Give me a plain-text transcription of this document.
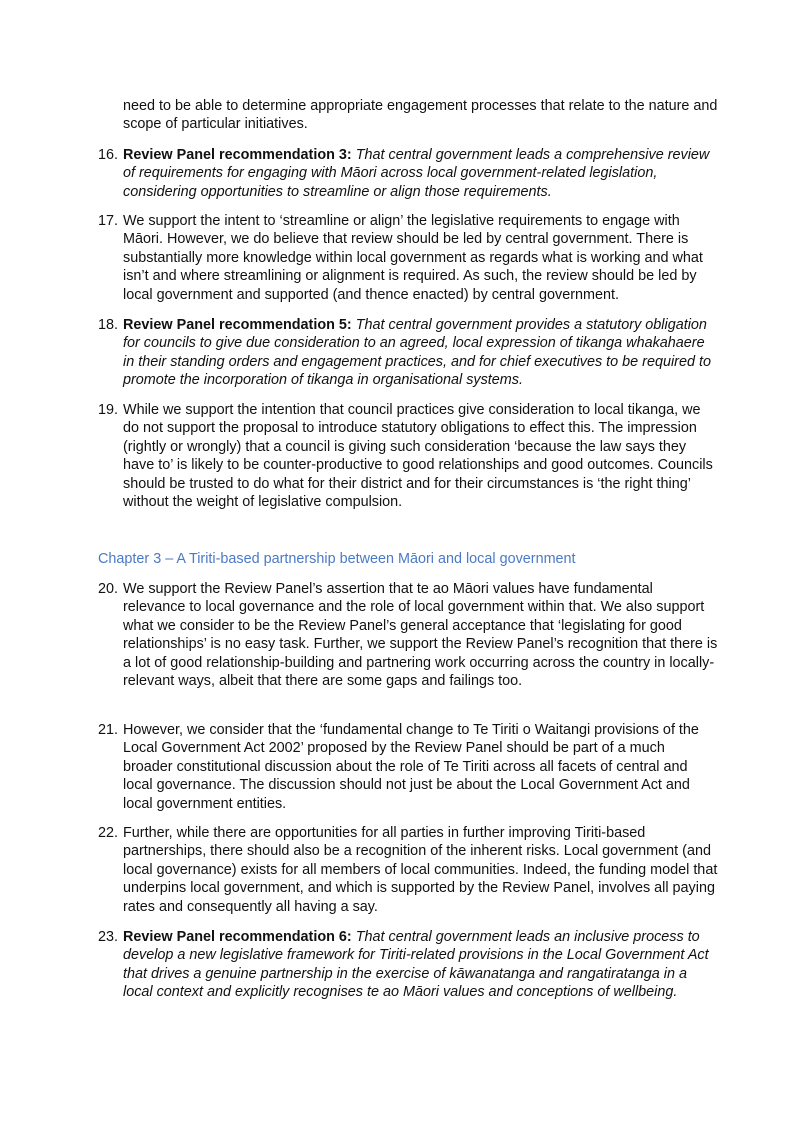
need to be able to determine appropriate engagement processes that relate to the nature and scope of particular initiatives.
16. Review Panel recommendation 3: That central government leads a comprehensive review of requirements for engaging with Māori across local government-related legislation, considering opportunities to streamline or align those requirements.
17. We support the intent to ‘streamline or align’ the legislative requirements to engage with Māori. However, we do believe that review should be led by central government. There is substantially more knowledge within local government as regards what is working and what isn’t and where streamlining or alignment is required. As such, the review should be led by local government and supported (and thence enacted) by central government.
18. Review Panel recommendation 5: That central government provides a statutory obligation for councils to give due consideration to an agreed, local expression of tikanga whakahaere in their standing orders and engagement practices, and for chief executives to be required to promote the incorporation of tikanga in organisational systems.
19. While we support the intention that council practices give consideration to local tikanga, we do not support the proposal to introduce statutory obligations to effect this. The impression (rightly or wrongly) that a council is giving such consideration ‘because the law says they have to’ is likely to be counter-productive to good relationships and good outcomes. Councils should be trusted to do what for their district and for their circumstances is ‘the right thing’ without the weight of legislative compulsion.
Chapter 3 – A Tiriti-based partnership between Māori and local government
20. We support the Review Panel’s assertion that te ao Māori values have fundamental relevance to local governance and the role of local government within that. We also support what we consider to be the Review Panel’s general acceptance that ‘legislating for good relationships’ is no easy task. Further, we support the Review Panel’s recognition that there is a lot of good relationship-building and partnering work occurring across the country in locally-relevant ways, albeit that there are some gaps and failings too.
21. However, we consider that the ‘fundamental change to Te Tiriti o Waitangi provisions of the Local Government Act 2002’ proposed by the Review Panel should be part of a much broader constitutional discussion about the role of Te Tiriti across all facets of central and local governance. The discussion should not just be about the Local Government Act and local government entities.
22. Further, while there are opportunities for all parties in further improving Tiriti-based partnerships, there should also be a recognition of the inherent risks. Local government (and local governance) exists for all members of local communities. Indeed, the funding model that underpins local government, and which is supported by the Review Panel, involves all paying rates and consequently all having a say.
23. Review Panel recommendation 6: That central government leads an inclusive process to develop a new legislative framework for Tiriti-related provisions in the Local Government Act that drives a genuine partnership in the exercise of kāwanatanga and rangatiratanga in a local context and explicitly recognises te ao Māori values and conceptions of wellbeing.
